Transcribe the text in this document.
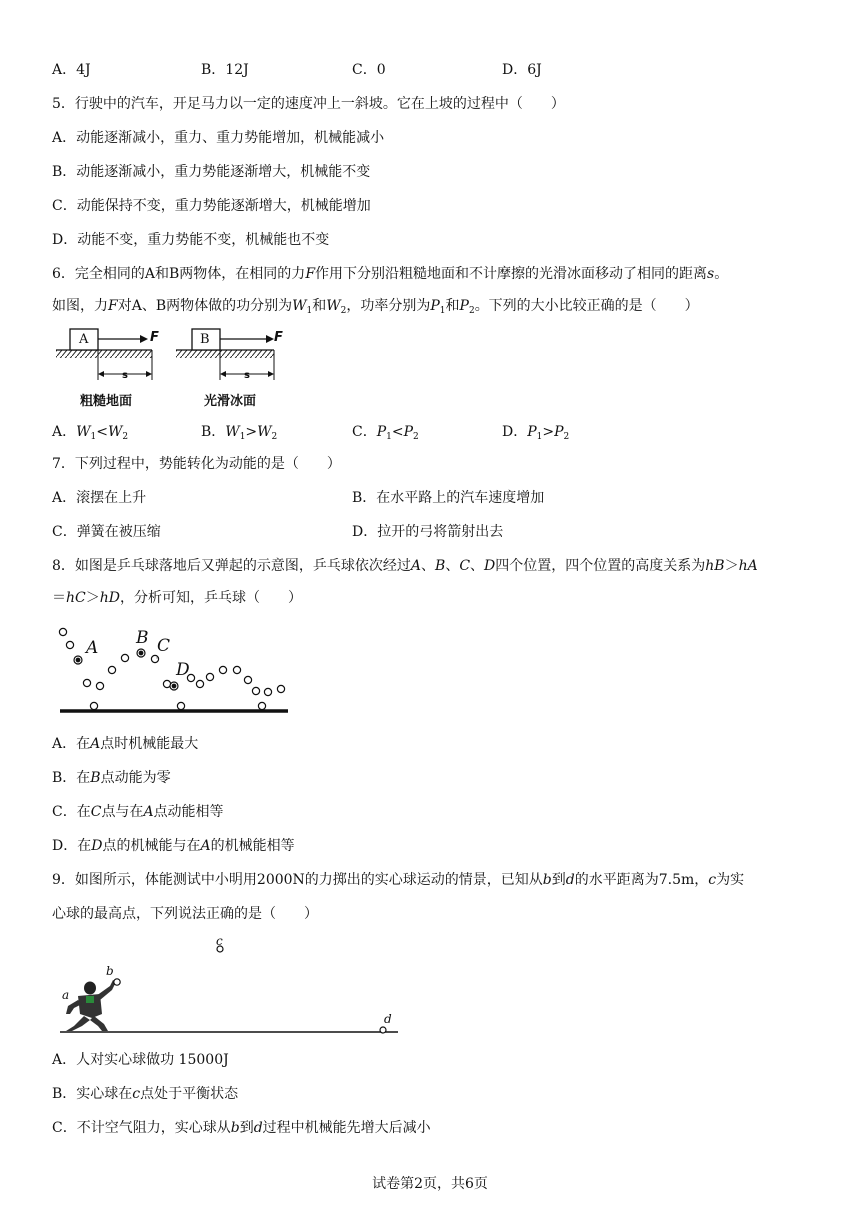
A．4J	B．12J	C．0	D．6J
5．行驶中的汽车，开足马力以一定的速度冲上一斜坡。它在上坡的过程中（　　）
A．动能逐渐减小，重力、重力势能增加，机械能减小
B．动能逐渐减小，重力势能逐渐增大，机械能不变
C．动能保持不变，重力势能逐渐增大，机械能增加
D．动能不变，重力势能不变，机械能也不变
6．完全相同的A和B两物体，在相同的力F作用下分别沿粗糙地面和不计摩擦的光滑冰面移动了相同的距离s。
如图，力F对A、B两物体做的功分别为$W_1$和$W_2$，功率分别为$P_1$和$P_2$。下列的大小比较正确的是（　　）
A	B
F	F
s	s
粗糙地面	光滑冰面
A．$W_1<W_2$	B．$W_1>W_2$	C．$P_1<P_2$	D．$P_1>P_2$
7．下列过程中，势能转化为动能的是（　　）
A．滚摆在上升	B．在水平路上的汽车速度增加
C．弹簧在被压缩	D．拉开的弓将箭射出去
8．如图是乒乓球落地后又弹起的示意图，乒乓球依次经过A、B、C、D四个位置，四个位置的高度关系为hB＞hA
＝hC＞hD，分析可知，乒乓球（　　）
A B C
D
A．在A点时机械能最大
B．在B点动能为零
C．在C点与在A点动能相等
D．在D点的机械能与在A的机械能相等
9．如图所示，体能测试中小明用2000N的力掷出的实心球运动的情景，已知从b到d的水平距离为7.5m，c为实
心球的最高点，下列说法正确的是（　　）
a
b
c
d
A．人对实心球做功 15000J
B．实心球在c点处于平衡状态
C．不计空气阻力，实心球从b到d过程中机械能先增大后减小
试卷第2页，共6页
